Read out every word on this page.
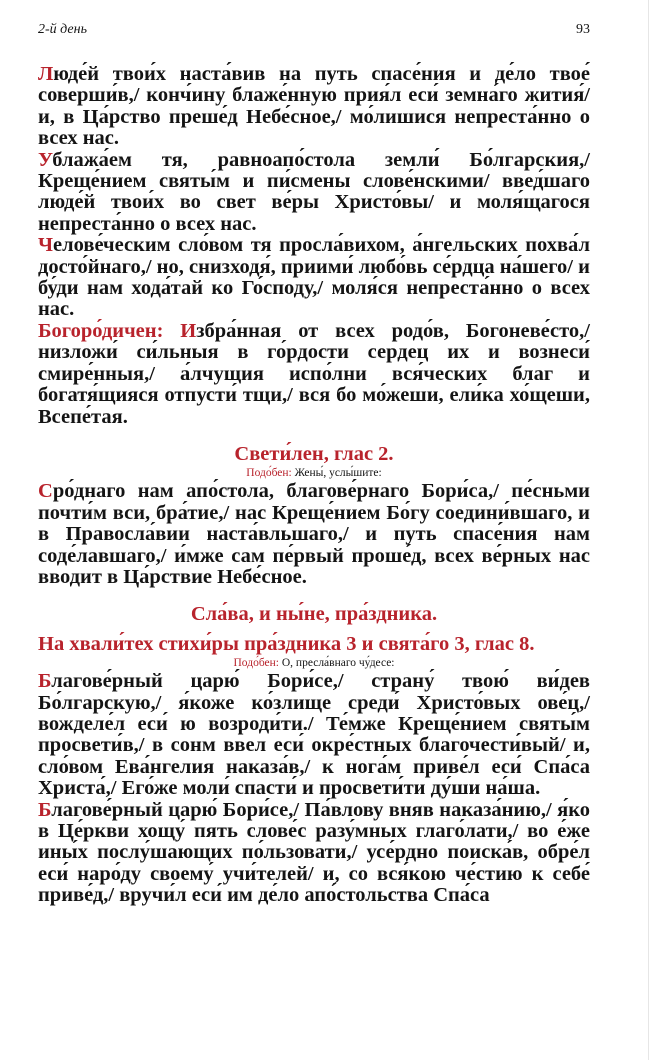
2-й день	93

Люде́й твои́х наста́вив на путь спасе́ния и де́ло твое́ соверши́в,/ конч́ину блаже́нную прия́л еси́ земна́го жития́/ и, в Ца́рство преше́д Небе́сное,/ мо́лишися непреста́нно о всех нас.

Ублажа́ем тя, равноапо́стола земли́ Бо́лгарския,/ Креще́нием святы́м и пи́смены слове́нскими/ введ́шаго люде́й твои́х во свет ве́ры Христо́вы/ и моля́щагося непреста́нно о всех нас.

Челове́ческим сло́вом тя просла́вихом, а́нгельских похва́л досто́йнаго,/ но, снизходя́, приими́ любо́вь се́рдца на́шего/ и бу́ди нам хода́тай ко Го́споду,/ моля́ся непреста́нно о всех нас.

Богоро́дичен: Избра́нная от всех родо́в, Богоневе́сто,/ низложи́ си́льныя в го́рдости сердец их и вознеси́ смире́нныя,/ а́лчущия испо́лни вся́ческих благ и богатя́щияся отпусти́ тщи,/ вся бо мо́жеши, ели́ка хо́щеши, Всепе́тая.

Свети́лен, глас 2.

Подо́бен: Жены́, услы́шите:

Сро́днаго нам апо́стола, благове́рнаго Бори́са,/ пе́сньми почти́м вси, бра́тие,/ нас Креще́нием Бо́гу соедини́вшаго, и в Правосла́вии наста́вльшаго,/ и путь спасе́ния нам соде́лавшаго,/ и́мже сам пе́рвый проше́д, всех ве́рных нас вводит в Ца́рствие Небе́сное.

Сла́ва, и ны́не, пра́здника.

На хвали́тех стихи́ры пра́здника 3 и свята́го 3, глас 8.

Подо́бен: О, пресла́внаго чу́десе:

Благове́рный царю́ Бори́се,/ страну́ твою́ ви́дев Бо́лгарскую,/ я́коже ко́злище среди́ Христо́вых ове́ц,/ вожделе́л еси́ ю возроди́ти./ Те́мже Креще́нием святы́м просвети́в,/ в сонм ввел еси́ окре́стных благочести́вый/ и, сло́вом Ева́нгелия наказа́в,/ к нога́м приве́л еси́ Спа́са Христа́,/ Его́же моли́ спасти́ и просвети́ти ду́ши на́ша.

Благове́рный царю́ Бори́се,/ Па́влову вняв наказа́нию,/ я́ко в Це́ркви хощу́ пять слове́с разу́мных глаго́лати,/ во е́же ины́х послу́шающих по́льзовати,/ усе́рдно поиска́в, обре́л еси́ наро́ду своему́ учи́телей/ и, со вся́кою че́стию к себе́ приве́д,/ вручи́л еси́ им де́ло апо́стольства Спа́са
